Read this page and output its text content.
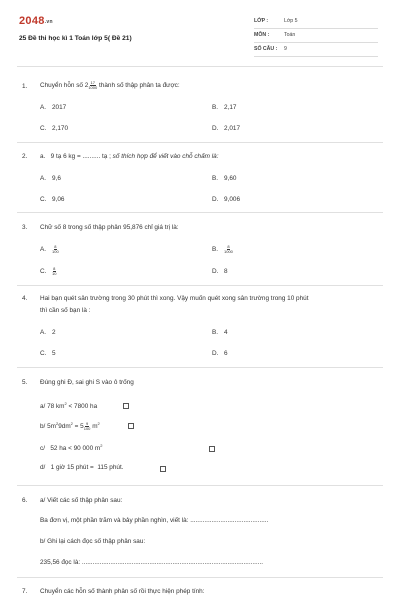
2048.vn
25 Đề thi học kì 1 Toán lớp 5( Đề 21)
LỚP :	Lớp 5
MÔN :	Toán
SỐ CÂU : 9
1. Chuyển hỗn số $2 \frac{17}{1000}$ thành số thập phân ta được:
A. 2017	B. 2,17
C. 2,170	D. 2,017
2. a. 9 tạ 6 kg = .......... tạ ; số thích hợp để viết vào chỗ chấm là:
A. 9,6	B. 9,60
C. 9,06	D. 9,006
3. Chữ số 8 trong số thập phân 95,876 chỉ giá trị là:
A. $\frac{8}{100}$	B. $\frac{8}{1000}$
C. $\frac{8}{10}$	D. 8
4. Hai bạn quét sân trường trong 30 phút thì xong. Vậy muốn quét xong sân trường trong 10 phút
thì cần số bạn là :
A. 2	B. 4
C. 5	D. 6
5. Đúng ghi Đ, sai ghi S vào ô trống
a/ 78 $km^2 < 7800$ ha
b/ $5m^29dm^2 = 5 \frac{9}{100} m^2$
c/ 52 ha < 90 000 $m^2$
d/ 1 giờ 15 phút = 115 phút.
6. a/ Viết các số thập phân sau:
Ba đơn vị, một phần trăm và bảy phần nghìn, viết là: ............................................
b/ Ghi lại cách đọc số thập phân sau:
235,56 đọc là: ......................................................................................................
7. Chuyển các hỗn số thành phân số rồi thực hiện phép tính:
